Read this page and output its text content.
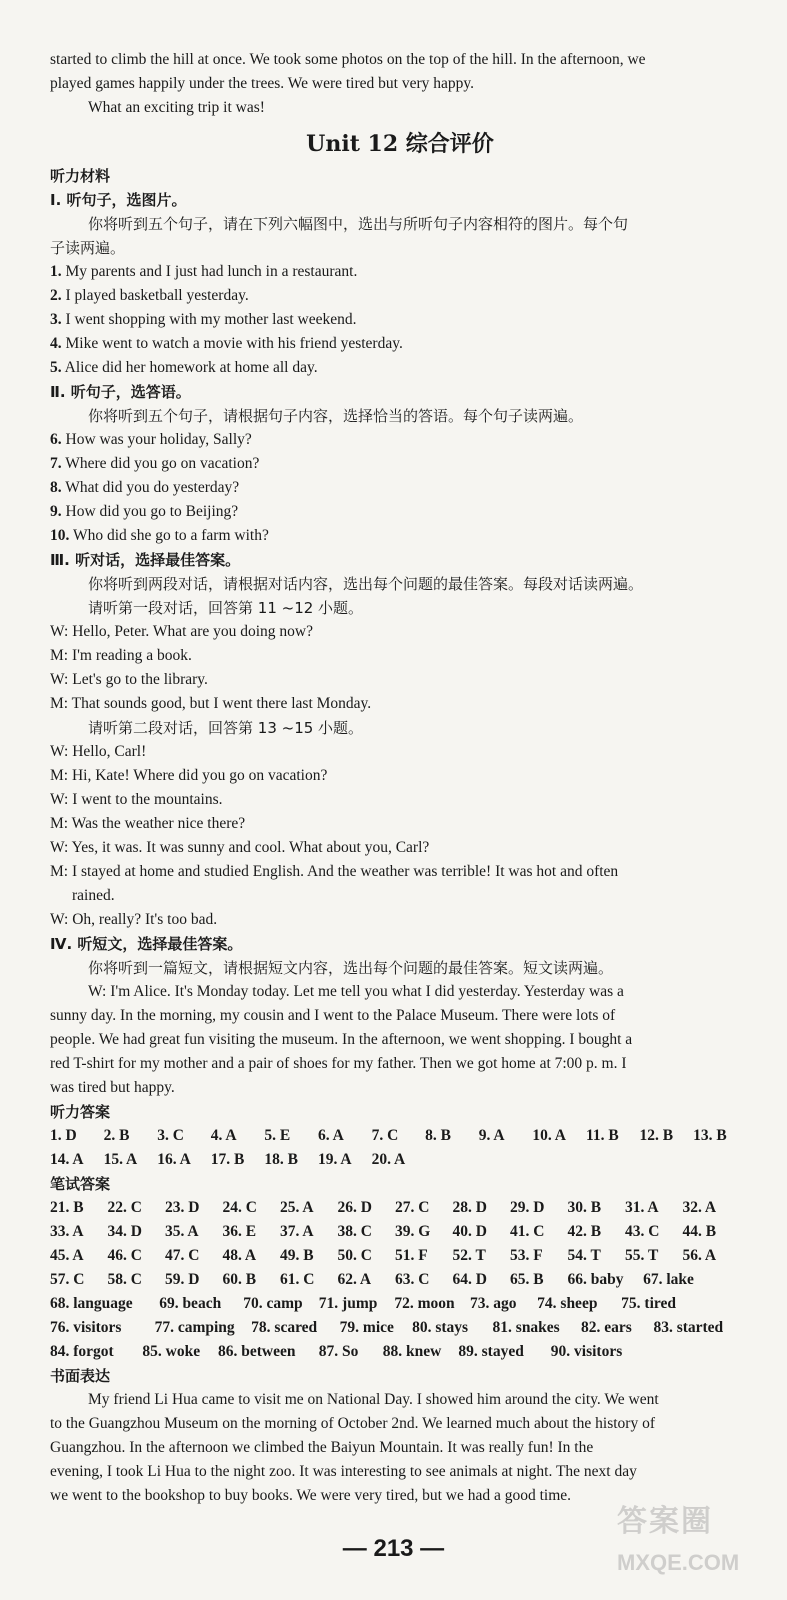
started to climb the hill at once. We took some photos on the top of the hill. In the afternoon, we

played games happily under the trees. We were tired but very happy.

What an exciting trip it was!

Unit 12 综合评价

听力材料

Ⅰ. 听句子，选图片。

你将听到五个句子，请在下列六幅图中，选出与所听句子内容相符的图片。每个句

子读两遍。

1. My parents and I just had lunch in a restaurant.

2. I played basketball yesterday.

3. I went shopping with my mother last weekend.

4. Mike went to watch a movie with his friend yesterday.

5. Alice did her homework at home all day.

Ⅱ. 听句子，选答语。

你将听到五个句子，请根据句子内容，选择恰当的答语。每个句子读两遍。

6. How was your holiday, Sally?

7. Where did you go on vacation?

8. What did you do yesterday?

9. How did you go to Beijing?

10. Who did she go to a farm with?

Ⅲ. 听对话，选择最佳答案。

你将听到两段对话，请根据对话内容，选出每个问题的最佳答案。每段对话读两遍。

请听第一段对话，回答第 11 ~12 小题。

W: Hello, Peter. What are you doing now?

M: I'm reading a book.

W: Let's go to the library.

M: That sounds good, but I went there last Monday.

请听第二段对话，回答第 13 ~15 小题。

W: Hello, Carl!

M: Hi, Kate! Where did you go on vacation?

W: I went to the mountains.

M: Was the weather nice there?

W: Yes, it was. It was sunny and cool. What about you, Carl?

M: I stayed at home and studied English. And the weather was terrible! It was hot and often

rained.

W: Oh, really? It's too bad.

Ⅳ. 听短文，选择最佳答案。

你将听到一篇短文，请根据短文内容，选出每个问题的最佳答案。短文读两遍。

W: I'm Alice. It's Monday today. Let me tell you what I did yesterday. Yesterday was a

sunny day. In the morning, my cousin and I went to the Palace Museum. There were lots of

people. We had great fun visiting the museum. In the afternoon, we went shopping. I bought a

red T-shirt for my mother and a pair of shoes for my father. Then we got home at 7:00 p. m. I

was tired but happy.

听力答案

1. D	2. B	3. C	4. A	5. E	6. A	7. C	8. B	9. A	10. A	11. B	12. B	13. B
14. A	15. A	16. A	17. B	18. B	19. A	20. A

笔试答案

21. B	22. C	23. D	24. C	25. A	26. D	27. C	28. D	29. D	30. B	31. A	32. A
33. A	34. D	35. A	36. E	37. A	38. C	39. G	40. D	41. C	42. B	43. C	44. B
45. A	46. C	47. C	48. A	49. B	50. C	51. F	52. T	53. F	54. T	55. T	56. A
57. C	58. C	59. D	60. B	61. C	62. A	63. C	64. D	65. B	66. baby	67. lake
68. language	69. beach	70. camp	71. jump	72. moon 73. ago	74. sheep	75. tired
76. visitors	77. camping	78. scared	79. mice	80. stays	81. snakes	82. ears	83. started
84. forgot	85. woke	86. between	87. So	88. knew	89. stayed	90. visitors

书面表达

My friend Li Hua came to visit me on National Day. I showed him around the city. We went

to the Guangzhou Museum on the morning of October 2nd. We learned much about the history of

Guangzhou. In the afternoon we climbed the Baiyun Mountain. It was really fun! In the

evening, I took Li Hua to the night zoo. It was interesting to see animals at night. The next day

we went to the bookshop to buy books. We were very tired, but we had a good time.

— 213 —
答案圈
MXQE.COM
